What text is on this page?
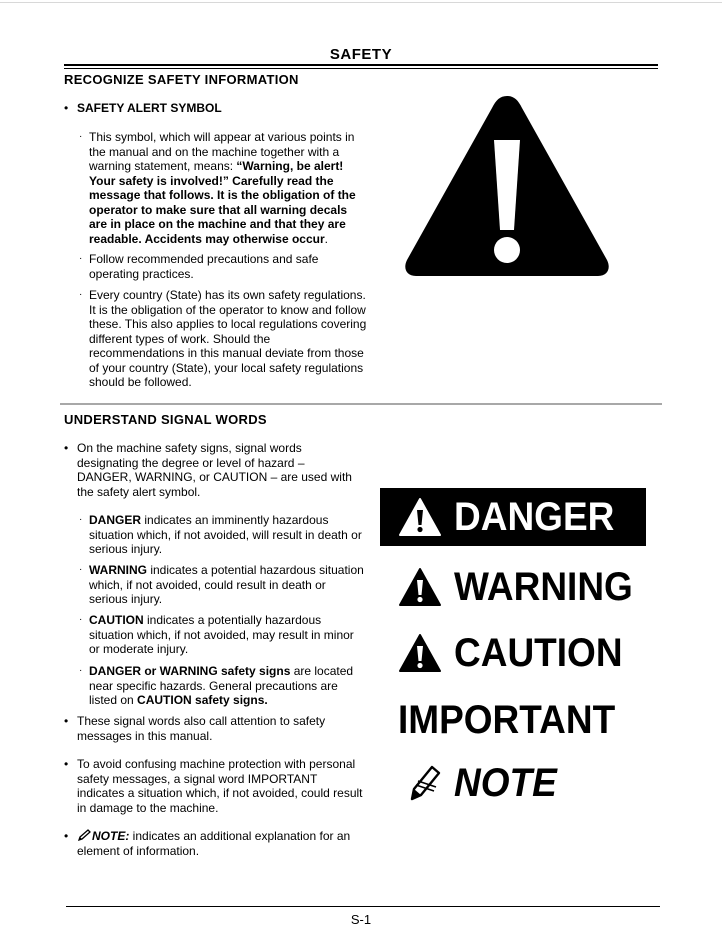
SAFETY
RECOGNIZE SAFETY INFORMATION
• SAFETY ALERT SYMBOL
· This symbol, which will appear at various points in the manual and on the machine together with a warning statement, means: “Warning, be alert! Your safety is involved!” Carefully read the message that follows. It is the obligation of the operator to make sure that all warning decals are in place on the machine and that they are readable. Accidents may otherwise occur.
· Follow recommended precautions and safe operating practices.
· Every country (State) has its own safety regulations. It is the obligation of the operator to know and follow these. This also applies to local regulations covering different types of work. Should the recommendations in this manual deviate from those of your country (State), your local safety regulations should be followed.
UNDERSTAND SIGNAL WORDS
• On the machine safety signs, signal words designating the degree or level of hazard – DANGER, WARNING, or CAUTION – are used with the safety alert symbol.
· DANGER indicates an imminently hazardous situation which, if not avoided, will result in death or serious injury.
· WARNING indicates a potential hazardous situation which, if not avoided, could result in death or serious injury.
· CAUTION indicates a potentially hazardous situation which, if not avoided, may result in minor or moderate injury.
· DANGER or WARNING safety signs are located near specific hazards. General precautions are listed on CAUTION safety signs.
• These signal words also call attention to safety messages in this manual.
• To avoid confusing machine protection with personal safety messages, a signal word IMPORTANT indicates a situation which, if not avoided, could result in damage to the machine.
•	NOTE: indicates an additional explanation for an element of information.
DANGER
WARNING
CAUTION
IMPORTANT
NOTE
S-1
